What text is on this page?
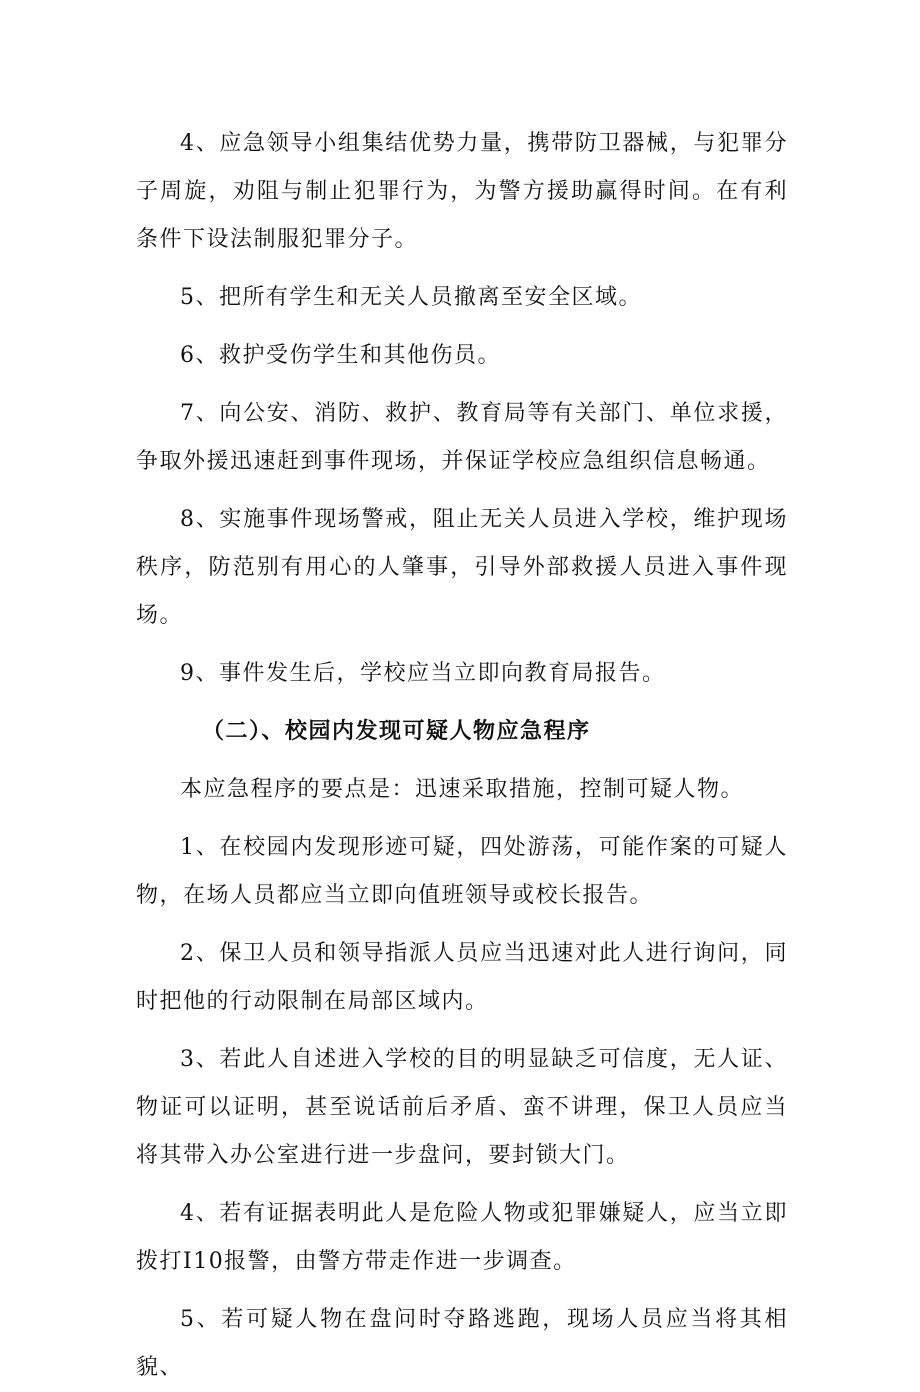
4、应急领导小组集结优势力量，携带防卫器械，与犯罪分子周旋，劝阻与制止犯罪行为，为警方援助赢得时间。在有利条件下设法制服犯罪分子。

5、把所有学生和无关人员撤离至安全区域。

6、救护受伤学生和其他伤员。

7、向公安、消防、救护、教育局等有关部门、单位求援，争取外援迅速赶到事件现场，并保证学校应急组织信息畅通。

8、实施事件现场警戒，阻止无关人员进入学校，维护现场秩序，防范别有用心的人肇事，引导外部救援人员进入事件现场。

9、事件发生后，学校应当立即向教育局报告。

（二）、校园内发现可疑人物应急程序

本应急程序的要点是：迅速采取措施，控制可疑人物。

1、在校园内发现形迹可疑，四处游荡，可能作案的可疑人物，在场人员都应当立即向值班领导或校长报告。

2、保卫人员和领导指派人员应当迅速对此人进行询问，同时把他的行动限制在局部区域内。

3、若此人自述进入学校的目的明显缺乏可信度，无人证、物证可以证明，甚至说话前后矛盾、蛮不讲理，保卫人员应当将其带入办公室进行进一步盘问，要封锁大门。

4、若有证据表明此人是危险人物或犯罪嫌疑人，应当立即拨打I10报警，由警方带走作进一步调查。

5、若可疑人物在盘问时夺路逃跑，现场人员应当将其相貌、
